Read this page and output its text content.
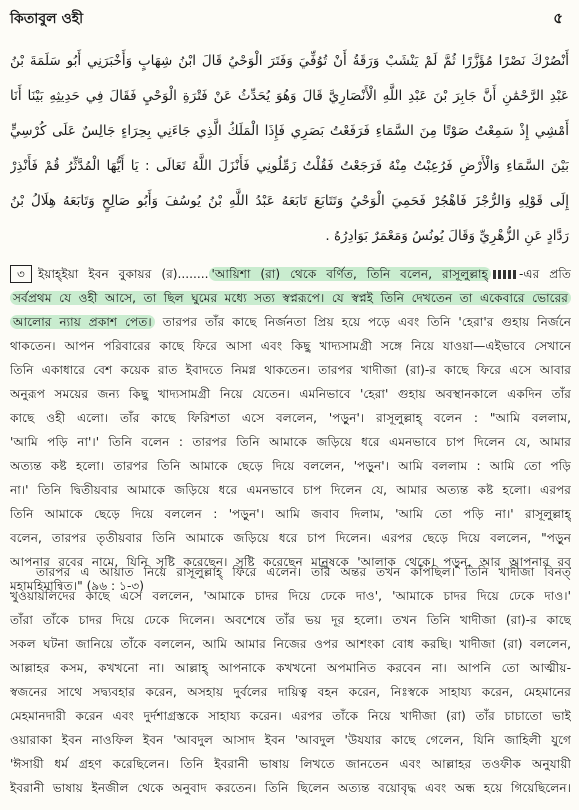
কিতাবুল ওহী	৫

أَنْصُرْكَ نَصْرًا مُؤَزَّرًا ثُمَّ لَمْ يَنْشَبْ وَرَقَةُ أَنْ تُوُفِّيَ وَفَتَرَ الْوَحْيُ قَالَ ابْنُ شِهَابٍ وَأَخْبَرَنِي أَبُو سَلَمَةَ بْنُ

عَبْدِ الرَّحْمَٰنِ أَنَّ جَابِرَ بْنَ عَبْدِ اللَّهِ الْأَنْصَارِيَّ قَالَ وَهُوَ يُحَدِّثُ عَنْ فَتْرَةِ الْوَحْيِ فَقَالَ فِي حَدِيثِهِ بَيْنَا أَنَا

أَمْشِي إِذْ سَمِعْتُ صَوْتًا مِنَ السَّمَاءِ فَرَفَعْتُ بَصَرِي فَإِذَا الْمَلَكُ الَّذِي جَاءَنِي بِحِرَاءٍ جَالِسٌ عَلَى كُرْسِيٍّ

بَيْنَ السَّمَاءِ وَالْأَرْضِ فَرُعِبْتُ مِنْهُ فَرَجَعْتُ فَقُلْتُ زَمِّلُونِي فَأَنْزَلَ اللَّهُ تَعَالَى : يَا أَيُّهَا الْمُدَّثِّرُ قُمْ فَأَنْذِرْ

إِلَى قَوْلِهِ وَالرُّجْزَ فَاهْجُرْ فَحَمِيَ الْوَحْيُ وَتَتَابَعَ تَابَعَهُ عَبْدُ اللَّهِ بْنُ يُوسُفَ وَأَبُو صَالِحٍ وَتَابَعَهُ هِلَالُ بْنُ

رَدَّادٍ عَنِ الزُّهْرِيِّ وَقَالَ يُونُسُ وَمَعْمَرٌ بَوَادِرُهُ .

৩ ইয়াহ্ইয়া ইবন বুকায়র (র)........ 'আয়িশা (রা) থেকে বর্ণিত, তিনি বলেন, রাসূলুল্লাহ্	-এর প্রতি

সর্বপ্রথম যে ওহী আসে, তা ছিল ঘুমের মধ্যে সত্য স্বপ্নরূপে। যে স্বপ্নই তিনি দেখতেন তা একেবারে ভোরের

আলোর ন্যায় প্রকাশ পেত। তারপর তাঁর কাছে নির্জনতা প্রিয় হয়ে পড়ে এবং তিনি 'হেরা'র গুহায় নির্জনে

থাকতেন। আপন পরিবারের কাছে ফিরে আসা এবং কিছু খাদ্যসামগ্রী সঙ্গে নিয়ে যাওয়া—এইভাবে সেখানে

তিনি একাধারে বেশ কয়েক রাত ইবাদতে নিমগ্ন থাকতেন। তারপর খাদীজা (রা)-র কাছে ফিরে এসে আবার

অনুরূপ সময়ের জন্য কিছু খাদ্যসামগ্রী নিয়ে যেতেন। এমনিভাবে 'হেরা' গুহায় অবস্থানকালে একদিন তাঁর

কাছে ওহী এলো। তাঁর কাছে ফিরিশতা এসে বললেন, 'পড়ুন'। রাসূলুল্লাহ্ বলেন : "আমি বললাম,

'আমি পড়ি না'।' তিনি বলেন : তারপর তিনি আমাকে জড়িয়ে ধরে এমনভাবে চাপ দিলেন যে, আমার

অত্যন্ত কষ্ট হলো। তারপর তিনি আমাকে ছেড়ে দিয়ে বললেন, 'পড়ুন'। আমি বললাম : আমি তো পড়ি

না।' তিনি দ্বিতীয়বার আমাকে জড়িয়ে ধরে এমনভাবে চাপ দিলেন যে, আমার অত্যন্ত কষ্ট হলো। এরপর

তিনি আমাকে ছেড়ে দিয়ে বললেন : 'পড়ুন'। আমি জবাব দিলাম, 'আমি তো পড়ি না।' রাসূলুল্লাহ্

বলেন, তারপর তৃতীয়বার তিনি আমাকে জড়িয়ে ধরে চাপ দিলেন। এরপর ছেড়ে দিয়ে বললেন, "পড়ুন

আপনার রবের নামে, যিনি সৃষ্টি করেছেন। সৃষ্টি করেছেন মানুষকে 'আলাক থেকে। পড়ুন, আর আপনার রব্

মহামহিমান্বিত।" (৯৬ : ১-৩)

তারপর এ আয়াত নিয়ে রাসূলুল্লাহ্ ফিরে এলেন। তাঁর অন্তর তখন কাঁপছিল। তিনি খাদীজা বিনত্

খুওয়ায়লিদের কাছে এসে বললেন, 'আমাকে চাদর দিয়ে ঢেকে দাও', 'আমাকে চাদর দিয়ে ঢেকে দাও।'

তাঁরা তাঁকে চাদর দিয়ে ঢেকে দিলেন। অবশেষে তাঁর ভয় দূর হলো। তখন তিনি খাদীজা (রা)-র কাছে

সকল ঘটনা জানিয়ে তাঁকে বললেন, আমি আমার নিজের ওপর আশংকা বোধ করছি। খাদীজা (রা) বললেন,

আল্লাহর কসম, কখখনো না। আল্লাহ্ আপনাকে কখখনো অপমানিত করবেন না। আপনি তো আত্মীয়-

স্বজনের সাথে সদ্ব্যবহার করেন, অসহায় দুর্বলের দায়িত্ব বহন করেন, নিঃস্বকে সাহায্য করেন, মেহমানের

মেহমানদারী করেন এবং দুর্দশাগ্রস্তকে সাহায্য করেন। এরপর তাঁকে নিয়ে খাদীজা (রা) তাঁর চাচাতো ভাই

ওয়ারাকা ইবন নাওফিল ইবন 'আবদুল আসাদ ইবন 'আবদুল 'উযযার কাছে গেলেন, যিনি জাহিলী যুগে

'ঈসায়ী ধর্ম গ্রহণ করেছিলেন। তিনি ইবরানী ভাষায় লিখতে জানতেন এবং আল্লাহর তওফীক অনুযায়ী

ইবরানী ভাষায় ইনজীল থেকে অনুবাদ করতেন। তিনি ছিলেন অত্যন্ত বয়োবৃদ্ধ এবং অন্ধ হয়ে গিয়েছিলেন।
